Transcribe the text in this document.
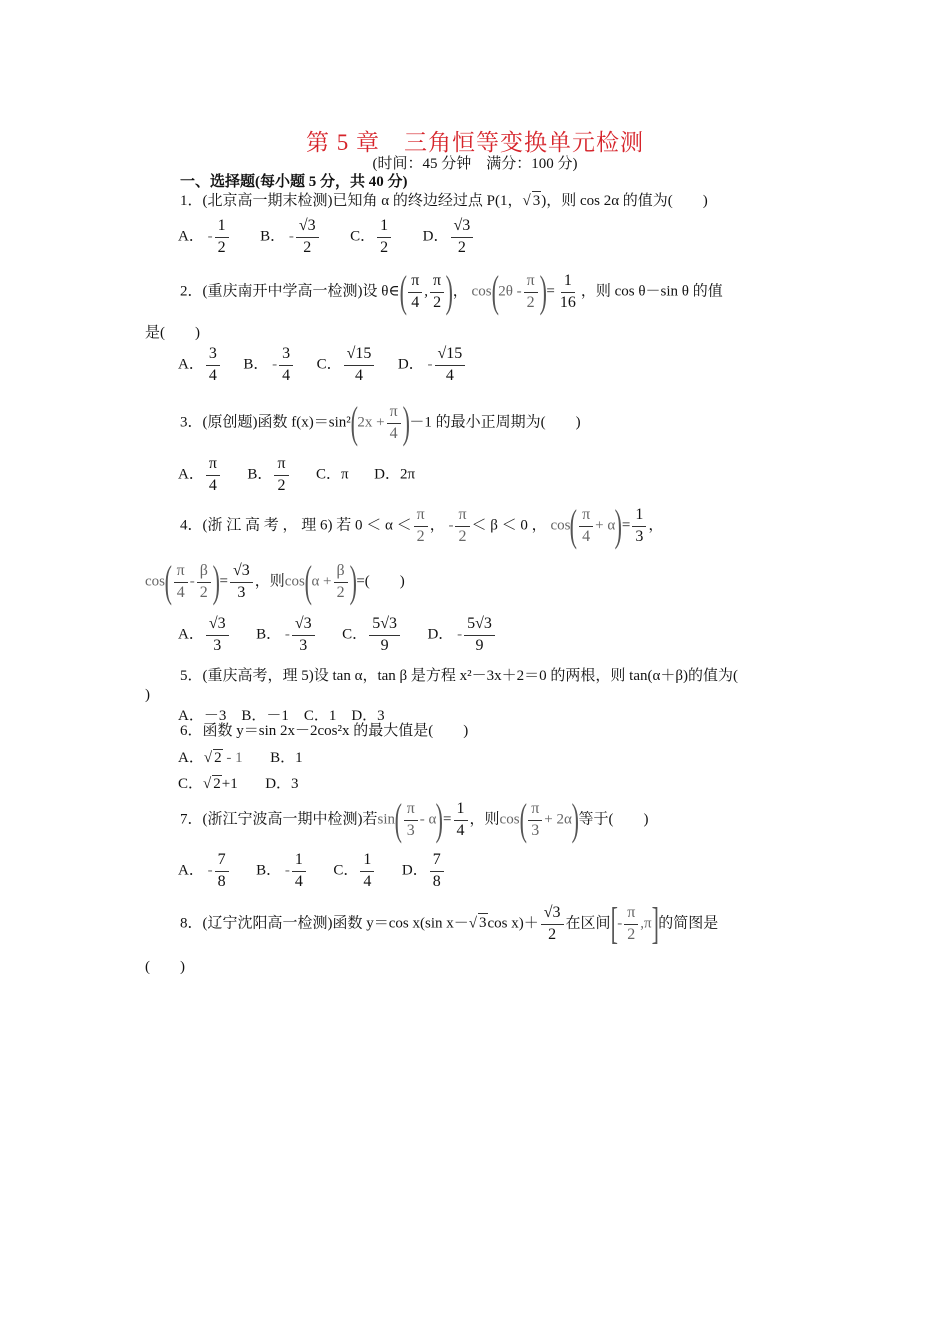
第 5 章　三角恒等变换单元检测
(时间：45 分钟　满分：100 分)
一、选择题(每小题 5 分，共 40 分)
1．(北京高一期末检测)已知角 α 的终边经过点 P(1，√ 3)，则 cos 2α 的值为(　　)
A． - $\frac{1}{2}$ B． - $\frac{√3}{2}$ C． $\frac{1}{2}$ D． $\frac{√3}{2}$
2．(重庆南开中学高一检测)设 θ∈( $\frac{\pi}{4}$ , $\frac{\pi}{2}$ )， $\cos(2\theta - \frac{\pi}{2}$ )= $\frac{1}{16}$ ，则 cos θ－sin θ 的值
是(　　)
A． $\frac{3}{4}$ B． - $\frac{3}{4}$ C． $\frac{√15}{4}$ D． - $\frac{√15}{4}$
3．(原创题)函数 $f(x)=\sin^2(2x + \frac{\pi}{4} )-1$ 的最小正周期为(　　)
A． $\frac{\pi}{4}$ B． $\frac{\pi}{2}$ C．π D．2π
4．(浙 江 高 考 ， 理 6) 若 $0 < \alpha < \frac{\pi}{2}$ ， - $\frac{\pi}{2} < \beta < 0$ ， $\cos( \frac{\pi}{4} + \alpha)= \frac{1}{3}$ ，
$\cos( \frac{\pi}{4} - \frac{\beta}{2}$ )= $\frac{√3}{3}$ ，则$\cos(\alpha + \frac{\beta}{2}$ )=(　　)
A． $\frac{√3}{3}$ B． - $\frac{√3}{3}$ C． $\frac{5√3}{9}$ D． - $\frac{5√3}{9}$
5．(重庆高考，理 5)设 tan α，tan β 是方程 x²－3x＋2＝0 的两根，则 tan(α＋β)的值为(
)
A．－3　B．－1　C．1　D．3
6．函数 y＝sin 2x－2cos²x 的最大值是(　　)
A．√ 2 - 1 B．1
C．√ 2+1 D．3
7．(浙江宁波高一期中检测)若$\sin( \frac{\pi}{3} - \alpha)= \frac{1}{4}$ ，则$\cos( \frac{\pi}{3} + 2\alpha)$等于(　　)
A． - $\frac{7}{8}$ B． - $\frac{1}{4}$ C． $\frac{1}{4}$ D． $\frac{7}{8}$
8．(辽宁沈阳高一检测)函数 y＝cos x(sin x－√ 3cos $x)+ \frac{√3}{2}$ 在区间[- $\frac{\pi}{2} ,\pi$]的简图是
(　　)
